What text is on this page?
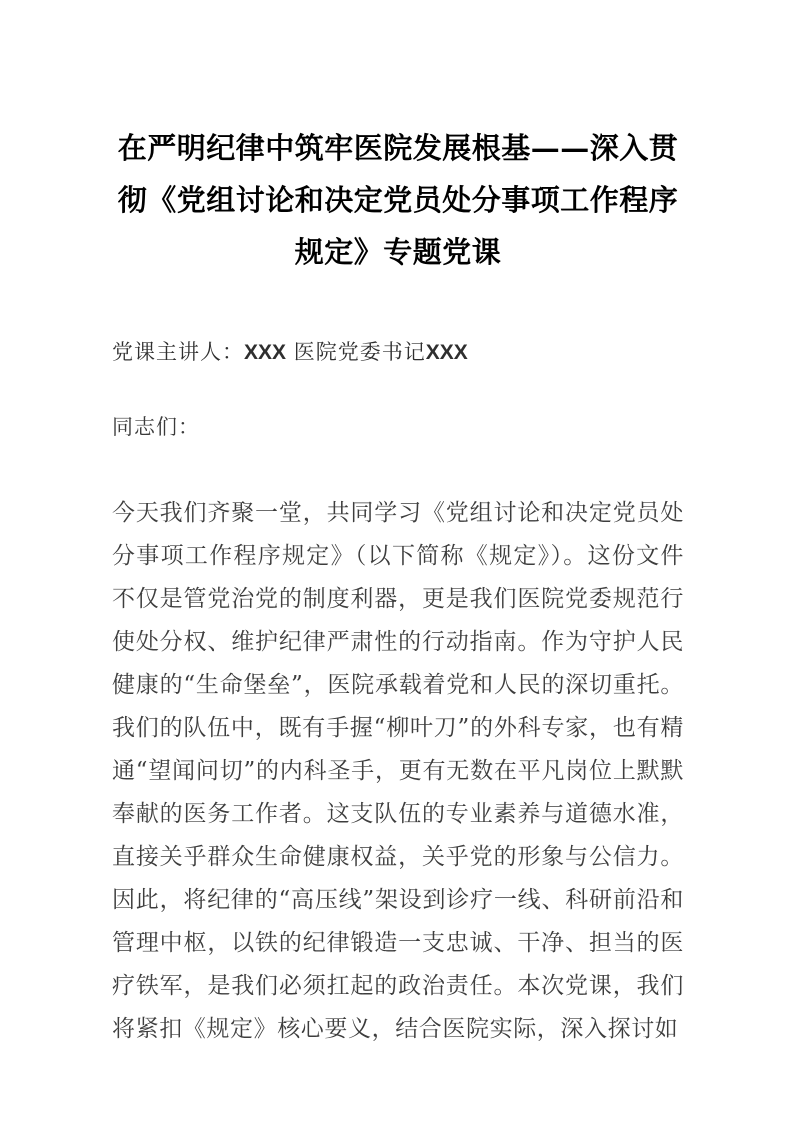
在严明纪律中筑牢医院发展根基——深入贯彻《党组讨论和决定党员处分事项工作程序规定》专题党课

党课主讲人：XXX 医院党委书记XXX

同志们：

今天我们齐聚一堂，共同学习《党组讨论和决定党员处分事项工作程序规定》（以下简称《规定》）。这份文件不仅是管党治党的制度利器，更是我们医院党委规范行使处分权、维护纪律严肃性的行动指南。作为守护人民健康的“生命堡垒”，医院承载着党和人民的深切重托。我们的队伍中，既有手握“柳叶刀”的外科专家，也有精通“望闻问切”的内科圣手，更有无数在平凡岗位上默默奉献的医务工作者。这支队伍的专业素养与道德水准，直接关乎群众生命健康权益，关乎党的形象与公信力。因此，将纪律的“高压线”架设到诊疗一线、科研前沿和管理中枢，以铁的纪律锻造一支忠诚、干净、担当的医疗铁军，是我们必须扛起的政治责任。本次党课，我们将紧扣《规定》核心要义，结合医院实际，深入探讨如
